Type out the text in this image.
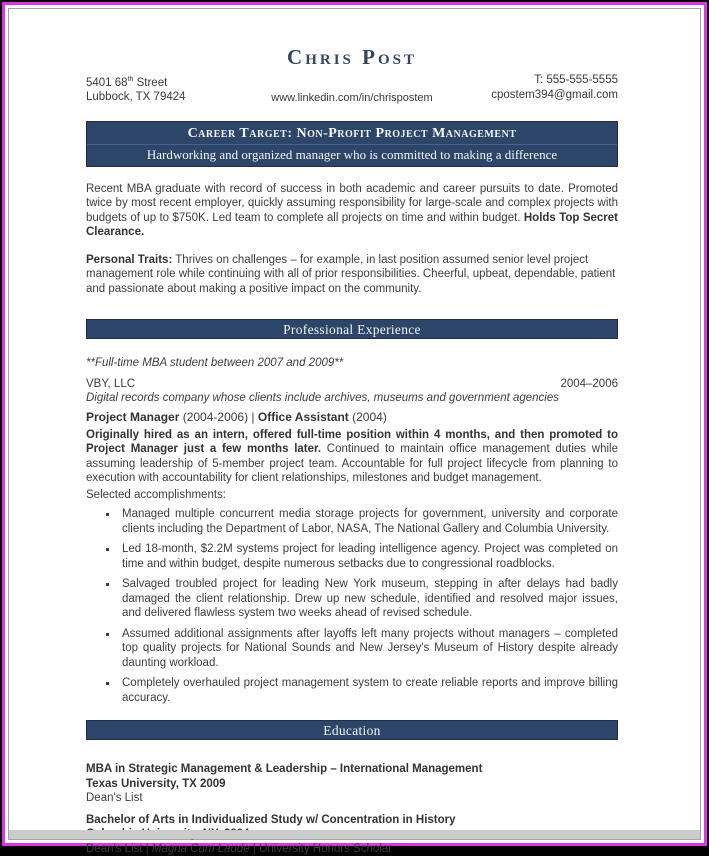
Chris Post
5401 68th Street
Lubbock, TX 79424	www.linkedin.com/in/chrispostem
T: 555-555-5555
cpostem394@gmail.com
Career Target: Non-Profit Project Management
Hardworking and organized manager who is committed to making a difference

Recent MBA graduate with record of success in both academic and career pursuits to date. Promoted twice by most recent employer, quickly assuming responsibility for large-scale and complex projects with budgets of up to $750K. Led team to complete all projects on time and within budget. Holds Top Secret Clearance.

Personal Traits: Thrives on challenges – for example, in last position assumed senior level project management role while continuing with all of prior responsibilities. Cheerful, upbeat, dependable, patient and passionate about making a positive impact on the community.

Professional Experience

**Full-time MBA student between 2007 and 2009**

VBY, LLC	2004–2006

Digital records company whose clients include archives, museums and government agencies

Project Manager (2004-2006) | Office Assistant (2004)

Originally hired as an intern, offered full-time position within 4 months, and then promoted to Project Manager just a few months later. Continued to maintain office management duties while assuming leadership of 5-member project team. Accountable for full project lifecycle from planning to execution with accountability for client relationships, milestones and budget management.

Selected accomplishments:

▪ Managed multiple concurrent media storage projects for government, university and corporate clients including the Department of Labor, NASA, The National Gallery and Columbia University.
▪ Led 18-month, $2.2M systems project for leading intelligence agency. Project was completed on time and within budget, despite numerous setbacks due to congressional roadblocks.
▪ Salvaged troubled project for leading New York museum, stepping in after delays had badly damaged the client relationship. Drew up new schedule, identified and resolved major issues, and delivered flawless system two weeks ahead of revised schedule.
▪ Assumed additional assignments after layoffs left many projects without managers – completed top quality projects for National Sounds and New Jersey's Museum of History despite already daunting workload.
▪ Completely overhauled project management system to create reliable reports and improve billing accuracy.
Education
MBA in Strategic Management & Leadership – International Management
Texas University, TX 2009
Dean's List
Bachelor of Arts in Individualized Study w/ Concentration in History
Dean's List | Magna Cum Laude | University Honors Scholar
